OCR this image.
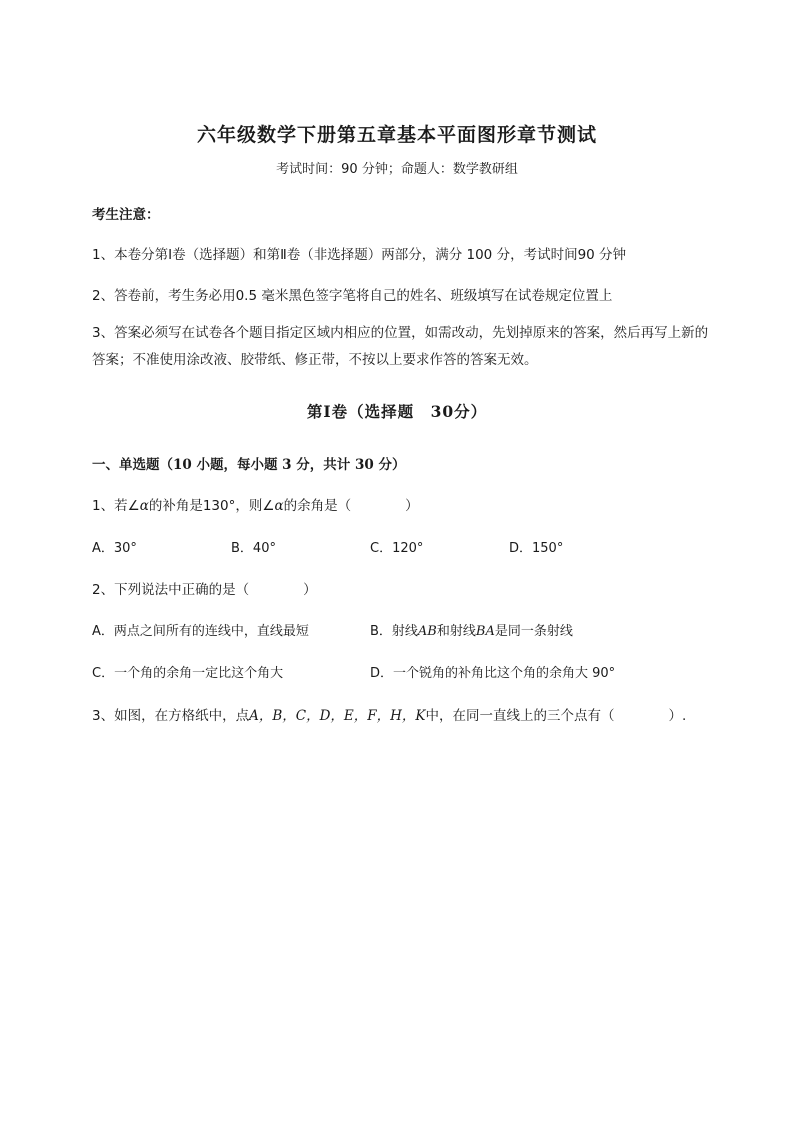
六年级数学下册第五章基本平面图形章节测试
考试时间：90 分钟；命题人：数学教研组
考生注意：
1、本卷分第Ⅰ卷（选择题）和第Ⅱ卷（非选择题）两部分，满分 100 分，考试时间90 分钟
2、答卷前，考生务必用0.5 毫米黑色签字笔将自己的姓名、班级填写在试卷规定位置上
3、答案必须写在试卷各个题目指定区域内相应的位置，如需改动，先划掉原来的答案，然后再写上新的答案；不准使用涂改液、胶带纸、修正带，不按以上要求作答的答案无效。
第Ⅰ卷（选择题　30分）
一、单选题（10 小题，每小题 3 分，共计 30 分）
1、若∠α的补角是130°，则∠α的余角是（　　　　）
A．30°	B．40°	C．120°	D．150°
2、下列说法中正确的是（　　　　）
A．两点之间所有的连线中，直线最短	B．射线AB和射线BA是同一条射线
C．一个角的余角一定比这个角大	D．一个锐角的补角比这个角的余角大 90°
3、如图，在方格纸中，点A，B，C，D，E，F，H，K中，在同一直线上的三个点有（　　　　）.
